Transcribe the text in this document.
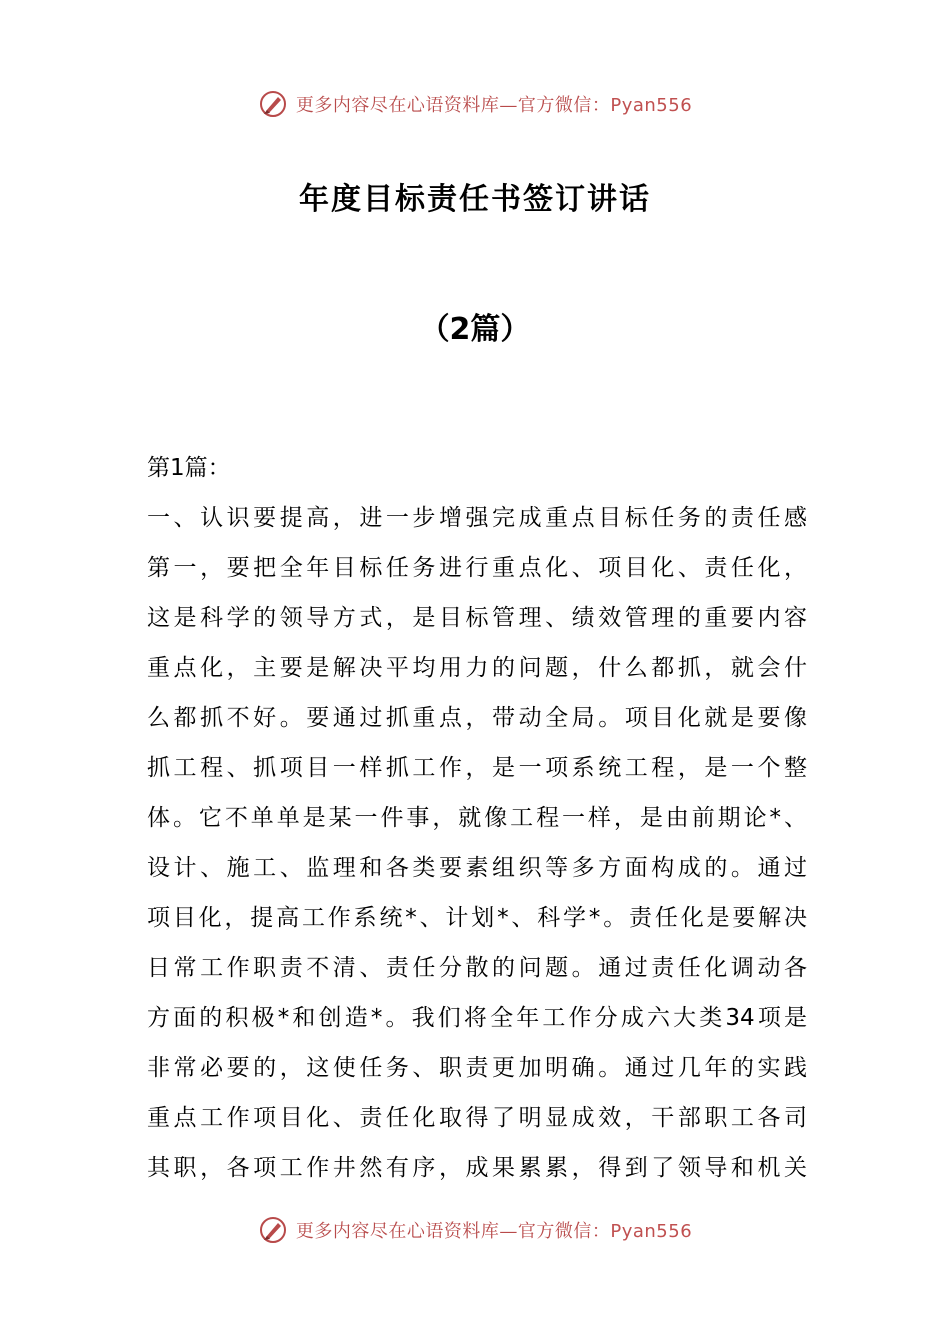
更多内容尽在心语资料库—官方微信：Pyan556
年度目标责任书签订讲话
（2篇）
第1篇：
一、认识要提高，进一步增强完成重点目标任务的责任感
第一，要把全年目标任务进行重点化、项目化、责任化，
这是科学的领导方式，是目标管理、绩效管理的重要内容
重点化，主要是解决平均用力的问题，什么都抓，就会什
么都抓不好。要通过抓重点，带动全局。项目化就是要像
抓工程、抓项目一样抓工作，是一项系统工程，是一个整
体。它不单单是某一件事，就像工程一样，是由前期论*、
设计、施工、监理和各类要素组织等多方面构成的。通过
项目化，提高工作系统*、计划*、科学*。责任化是要解决
日常工作职责不清、责任分散的问题。通过责任化调动各
方面的积极*和创造*。我们将全年工作分成六大类34项是
非常必要的，这使任务、职责更加明确。通过几年的实践
重点工作项目化、责任化取得了明显成效，干部职工各司
其职，各项工作井然有序，成果累累，得到了领导和机关
更多内容尽在心语资料库—官方微信：Pyan556
